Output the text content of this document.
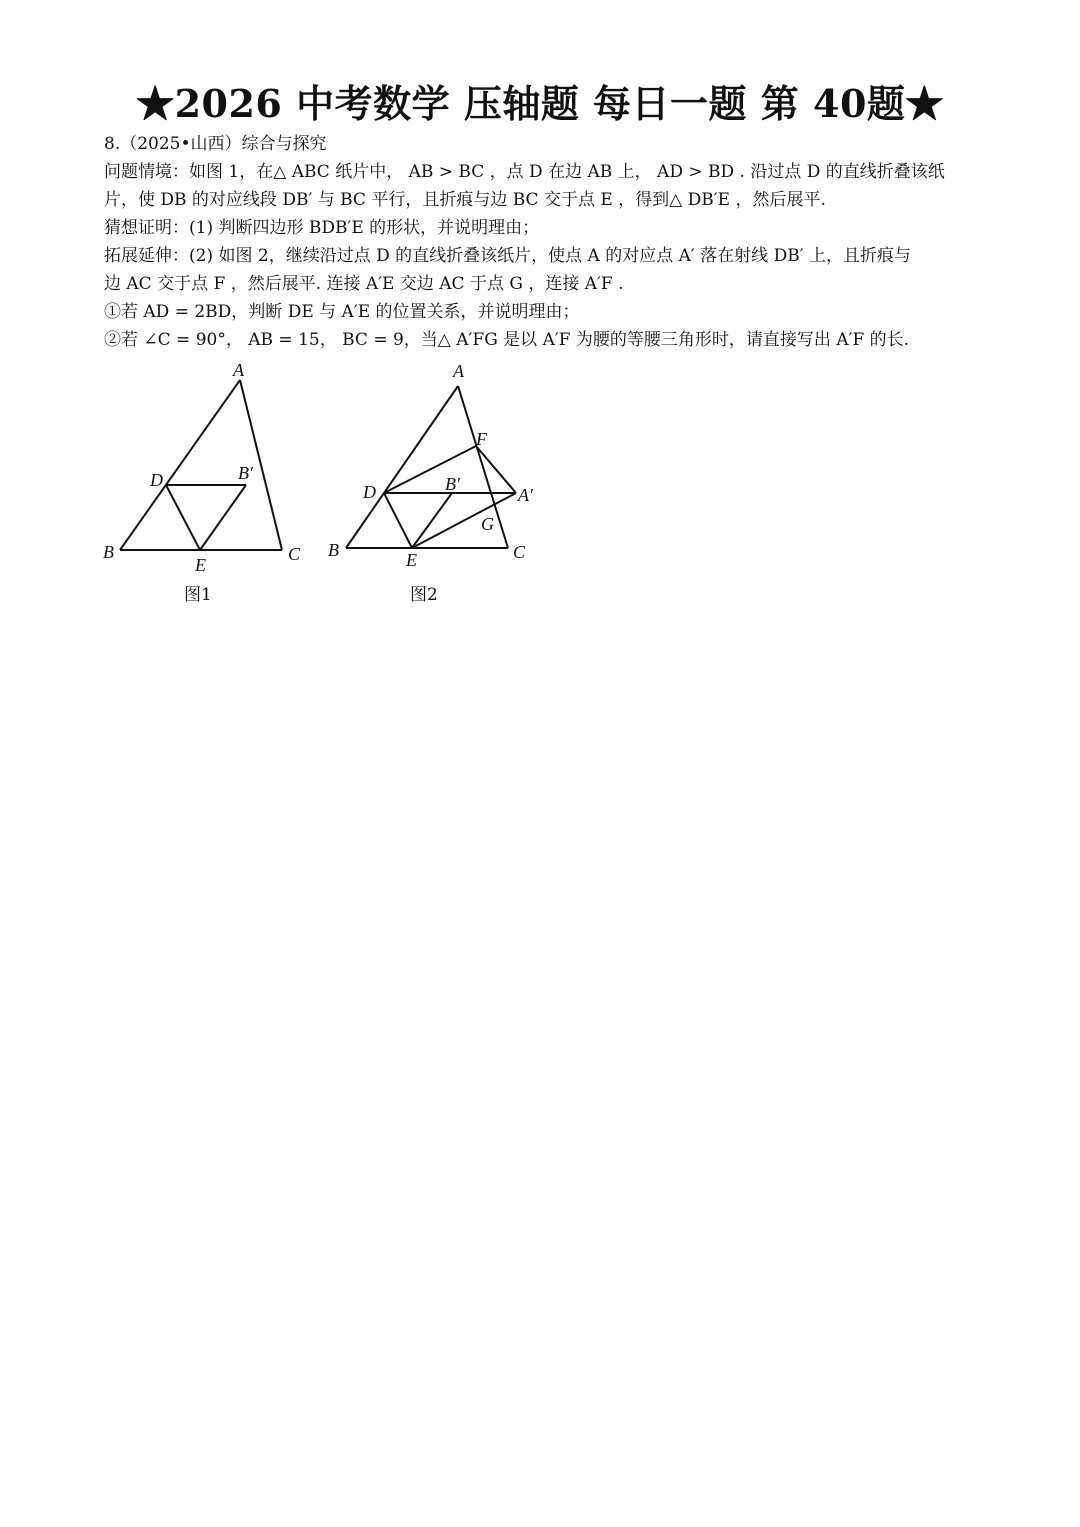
★2026 中考数学 压轴题 每日一题 第 40题★
8.（2025•山西）综合与探究
问题情境：如图 1，在△ ABC 纸片中， AB > BC ，点 D 在边 AB 上， AD > BD . 沿过点 D 的直线折叠该纸
片，使 DB 的对应线段 DB′ 与 BC 平行，且折痕与边 BC 交于点 E ，得到△ DB′E ，然后展平.
猜想证明：(1) 判断四边形 BDB′E 的形状，并说明理由；
拓展延伸：(2) 如图 2，继续沿过点 D 的直线折叠该纸片，使点 A 的对应点 A′ 落在射线 DB′ 上，且折痕与
边 AC 交于点 F ，然后展平. 连接 A′E 交边 AC 于点 G ，连接 A′F .
①若 AD = 2BD，判断 DE 与 A′E 的位置关系，并说明理由；
②若 ∠C = 90°， AB = 15， BC = 9，当△ A′FG 是以 A′F 为腰的等腰三角形时，请直接写出 A′F 的长.
A
B	C
D
E
B′
图1
A
B	C
D
E
B′
F
G
A′
图2
